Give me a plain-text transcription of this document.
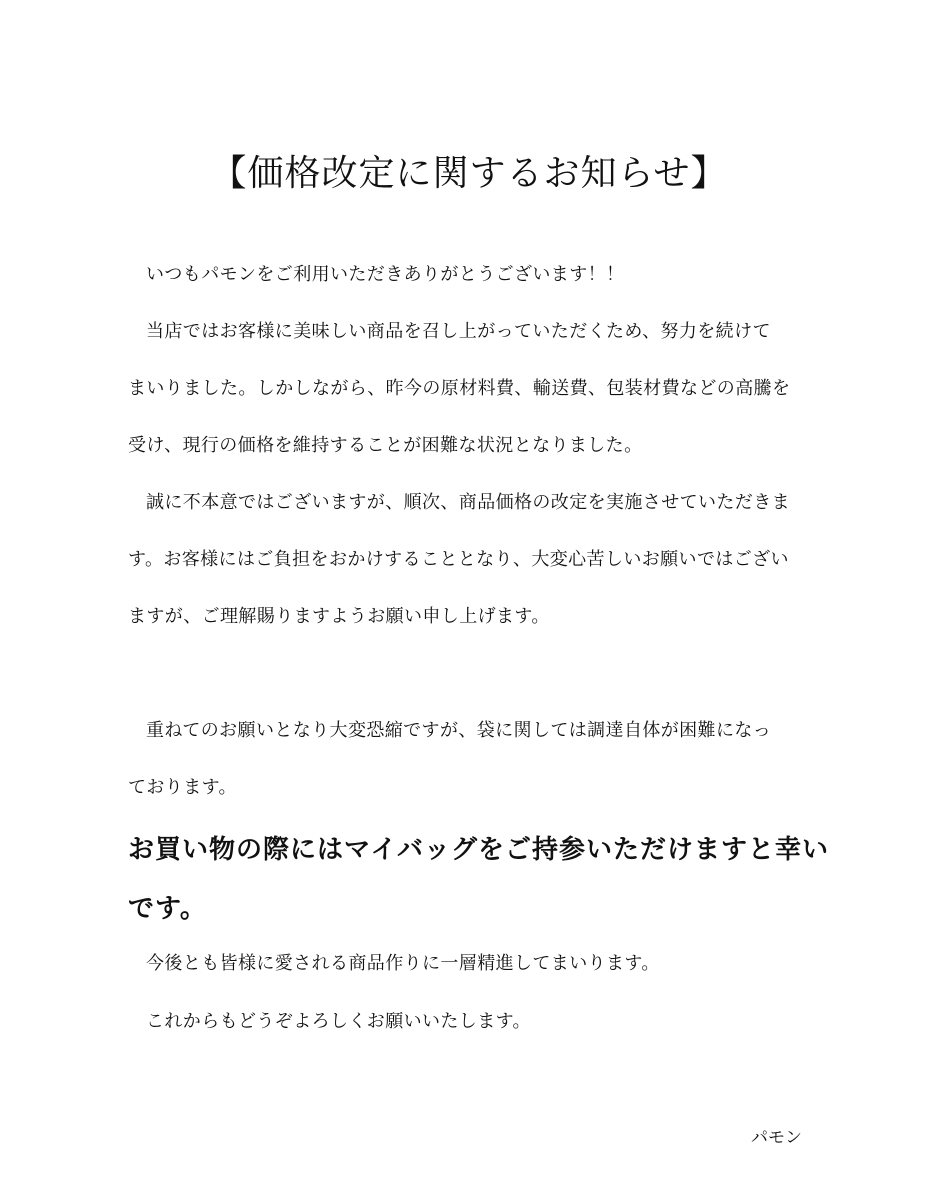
【価格改定に関するお知らせ】
いつもパモンをご利用いただきありがとうございます！！
当店ではお客様に美味しい商品を召し上がっていただくため、努力を続けて
まいりました。しかしながら、昨今の原材料費、輸送費、包装材費などの高騰を
受け、現行の価格を維持することが困難な状況となりました。
誠に不本意ではございますが、順次、商品価格の改定を実施させていただきま
す。お客様にはご負担をおかけすることとなり、大変心苦しいお願いではござい
ますが、ご理解賜りますようお願い申し上げます。
重ねてのお願いとなり大変恐縮ですが、袋に関しては調達自体が困難になっ
ております。
お買い物の際にはマイバッグをご持参いただけますと幸い
です。
今後とも皆様に愛される商品作りに一層精進してまいります。
これからもどうぞよろしくお願いいたします。
パモン
